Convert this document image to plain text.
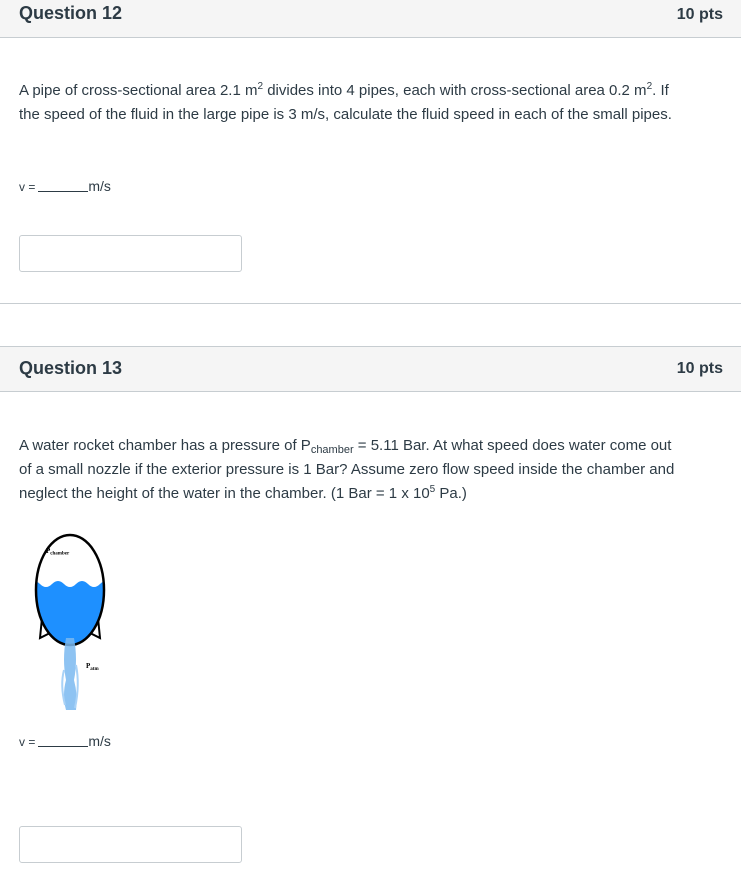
Question 12	10 pts
A pipe of cross-sectional area 2.1 $m^2$ divides into 4 pipes, each with cross-sectional area 0.2 $m^2$. If
the speed of the fluid in the large pipe is 3 m/s, calculate the fluid speed in each of the small pipes.
v =	m/s
Question 13	10 pts
A water rocket chamber has a pressure of $P_{chamber} = 5.11$ Bar. At what speed does water come out
of a small nozzle if the exterior pressure is 1 Bar? Assume zero flow speed inside the chamber and
neglect the height of the water in the chamber. (1 Bar = 1 x $10^5$ Pa.)
$P_{chamber}$
$P_{atm}$
v =	m/s
